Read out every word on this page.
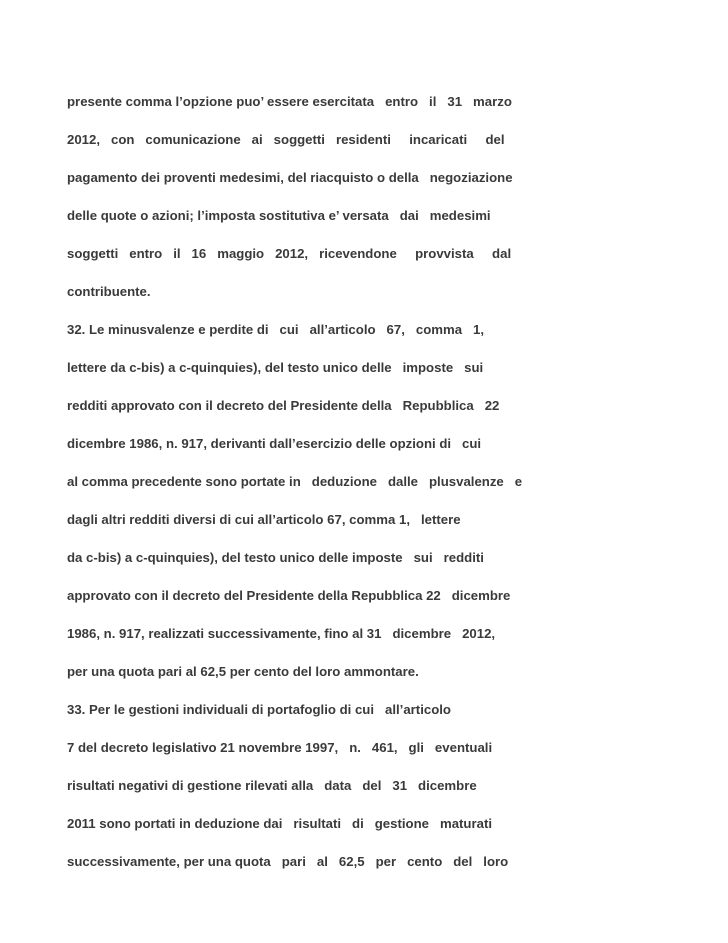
presente comma l’opzione puo’ essere esercitata   entro   il   31   marzo
2012,   con   comunicazione   ai   soggetti   residenti     incaricati     del
pagamento dei proventi medesimi, del riacquisto o della   negoziazione
delle quote o azioni; l’imposta sostitutiva e’ versata   dai   medesimi
soggetti   entro   il   16   maggio   2012,   ricevendone     provvista     dal
contribuente.
32. Le minusvalenze e perdite di   cui   all’articolo   67,   comma   1,
lettere da c-bis) a c-quinquies), del testo unico delle   imposte   sui
redditi approvato con il decreto del Presidente della   Repubblica   22
dicembre 1986, n. 917, derivanti dall’esercizio delle opzioni di   cui
al comma precedente sono portate in   deduzione   dalle   plusvalenze   e
dagli altri redditi diversi di cui all’articolo 67, comma 1,   lettere
da c-bis) a c-quinquies), del testo unico delle imposte   sui   redditi
approvato con il decreto del Presidente della Repubblica 22   dicembre
1986, n. 917, realizzati successivamente, fino al 31   dicembre   2012,
per una quota pari al 62,5 per cento del loro ammontare.
33. Per le gestioni individuali di portafoglio di cui   all’articolo
7 del decreto legislativo 21 novembre 1997,   n.   461,   gli   eventuali
risultati negativi di gestione rilevati alla   data   del   31   dicembre
2011 sono portati in deduzione dai   risultati   di   gestione   maturati
successivamente, per una quota   pari   al   62,5   per   cento   del   loro
